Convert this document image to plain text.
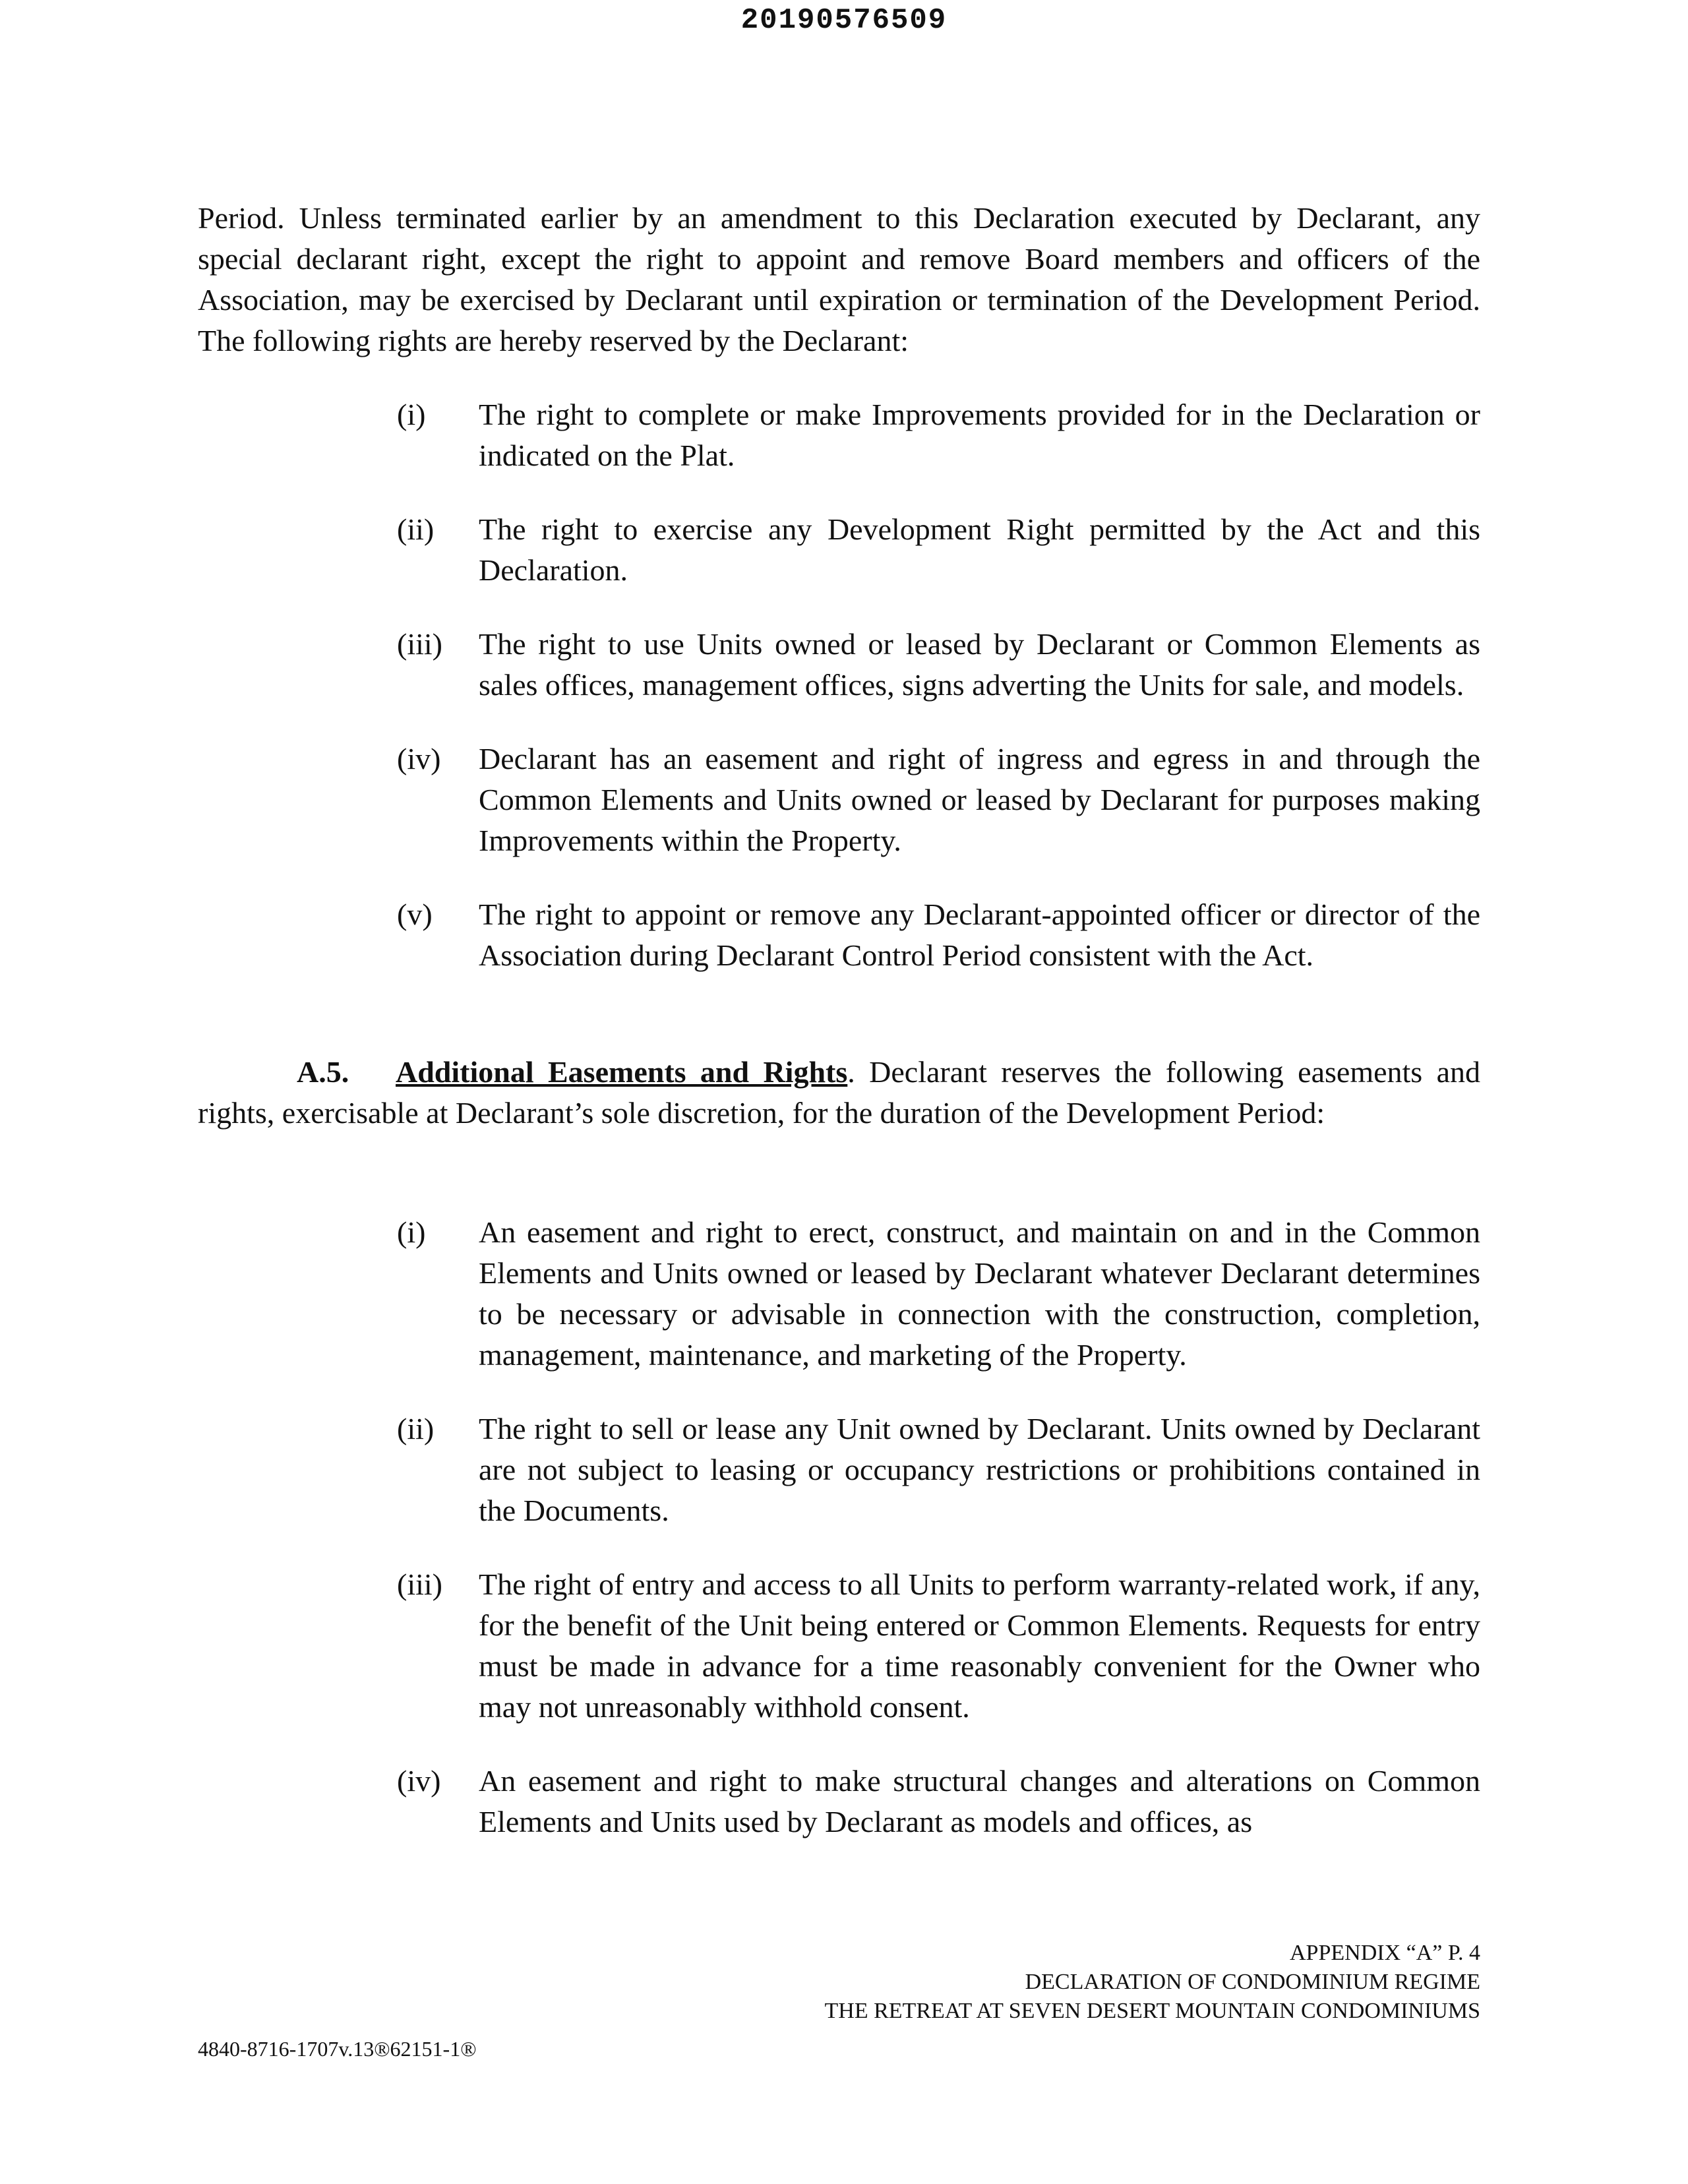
20190576509
Period. Unless terminated earlier by an amendment to this Declaration executed by Declarant, any special declarant right, except the right to appoint and remove Board members and officers of the Association, may be exercised by Declarant until expiration or termination of the Development Period. The following rights are hereby reserved by the Declarant:
(i)	The right to complete or make Improvements provided for in the Declaration or indicated on the Plat.
(ii)	The right to exercise any Development Right permitted by the Act and this Declaration.
(iii)	The right to use Units owned or leased by Declarant or Common Elements as sales offices, management offices, signs adverting the Units for sale, and models.
(iv)	Declarant has an easement and right of ingress and egress in and through the Common Elements and Units owned or leased by Declarant for purposes making Improvements within the Property.
(v)	The right to appoint or remove any Declarant-appointed officer or director of the Association during Declarant Control Period consistent with the Act.
A.5. Additional Easements and Rights. Declarant reserves the following easements and rights, exercisable at Declarant’s sole discretion, for the duration of the Development Period:
(i)	An easement and right to erect, construct, and maintain on and in the Common Elements and Units owned or leased by Declarant whatever Declarant determines to be necessary or advisable in connection with the construction, completion, management, maintenance, and marketing of the Property.
(ii)	The right to sell or lease any Unit owned by Declarant. Units owned by Declarant are not subject to leasing or occupancy restrictions or prohibitions contained in the Documents.
(iii)	The right of entry and access to all Units to perform warranty-related work, if any, for the benefit of the Unit being entered or Common Elements. Requests for entry must be made in advance for a time reasonably convenient for the Owner who may not unreasonably withhold consent.
(iv)	An easement and right to make structural changes and alterations on Common Elements and Units used by Declarant as models and offices, as
APPENDIX “A” P. 4
DECLARATION OF CONDOMINIUM REGIME
THE RETREAT AT SEVEN DESERT MOUNTAIN CONDOMINIUMS
4840-8716-1707v.13®62151-1®
